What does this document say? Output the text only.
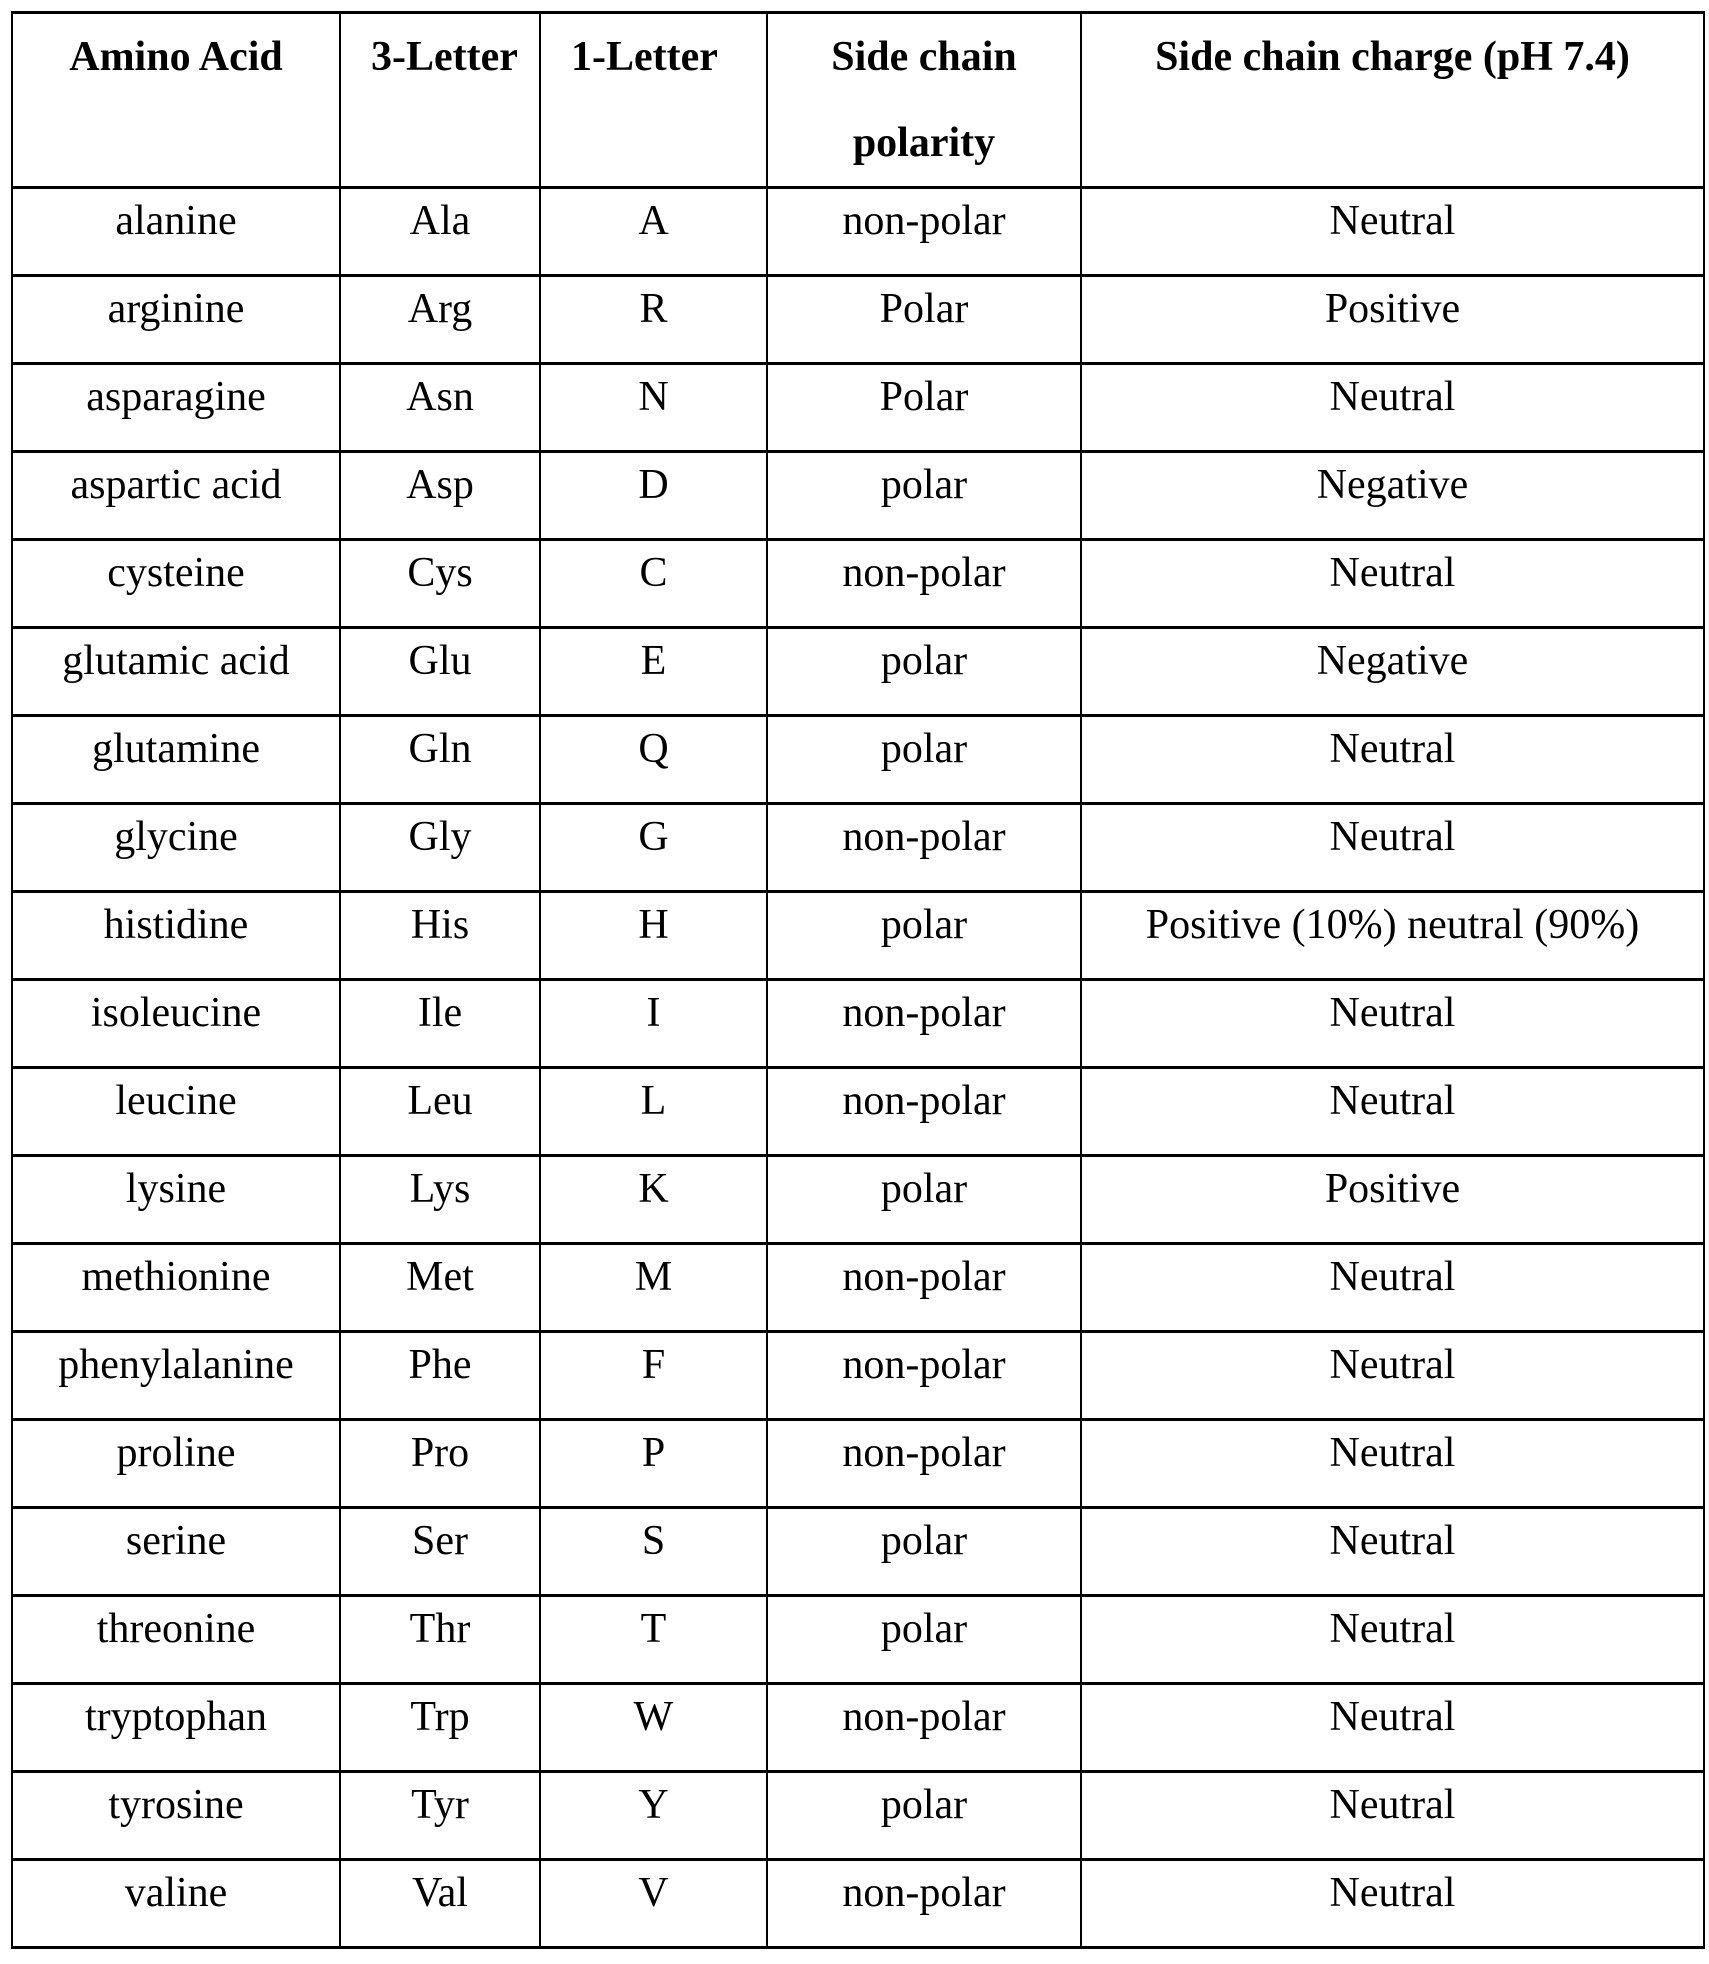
Amino Acid	3-Letter	1-Letter	Side chain polarity	Side chain charge (pH 7.4)
alanine	Ala	A	non-polar	Neutral
arginine	Arg	R	Polar	Positive
asparagine	Asn	N	Polar	Neutral
aspartic acid	Asp	D	polar	Negative
cysteine	Cys	C	non-polar	Neutral
glutamic acid	Glu	E	polar	Negative
glutamine	Gln	Q	polar	Neutral
glycine	Gly	G	non-polar	Neutral
histidine	His	H	polar	Positive (10%) neutral (90%)
isoleucine	Ile	I	non-polar	Neutral
leucine	Leu	L	non-polar	Neutral
lysine	Lys	K	polar	Positive
methionine	Met	M	non-polar	Neutral
phenylalanine	Phe	F	non-polar	Neutral
proline	Pro	P	non-polar	Neutral
serine	Ser	S	polar	Neutral
threonine	Thr	T	polar	Neutral
tryptophan	Trp	W	non-polar	Neutral
tyrosine	Tyr	Y	polar	Neutral
valine	Val	V	non-polar	Neutral
